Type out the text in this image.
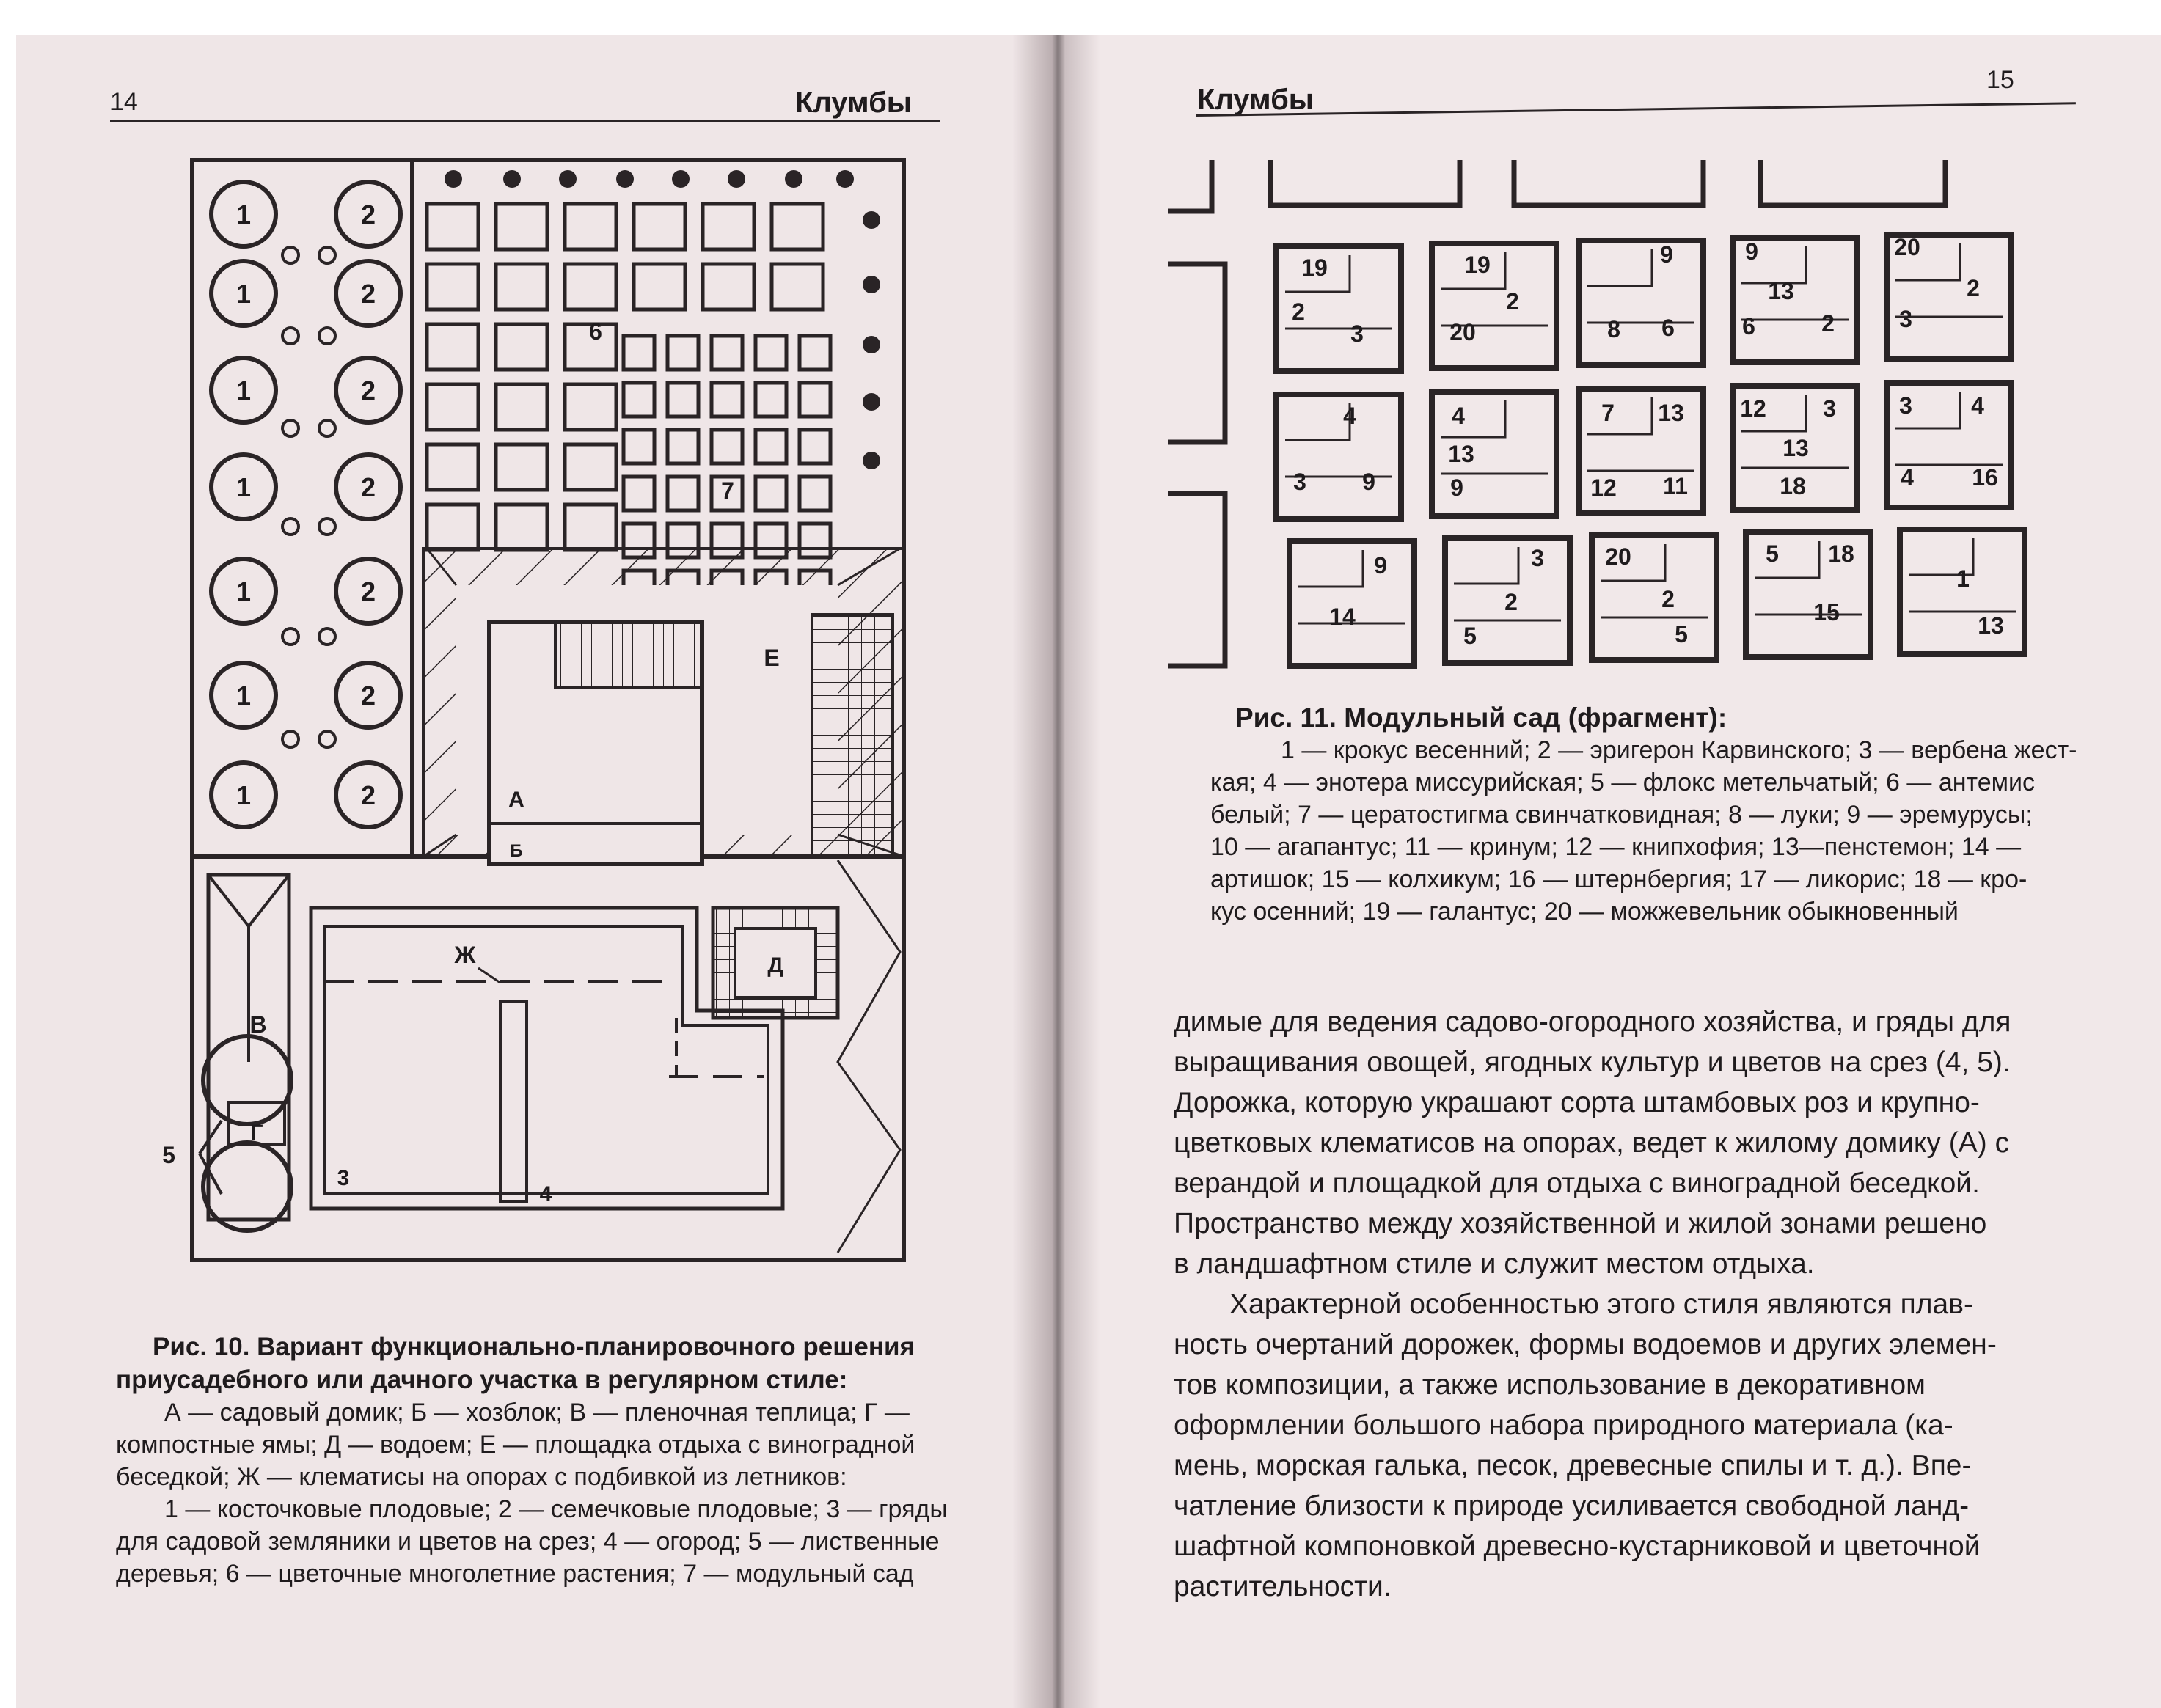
14	Клумбы
1	2
1	2
1	2
1	2
1	2
1	2
1	2
6
7
Е
А
Б
В
Г
5
Ж
3
4
Д
Рис. 10. Вариант функционально-планировочного решения
приусадебного или дачного участка в регулярном стиле:
А — садовый домик; Б — хозблок; В — пленочная теплица; Г —
компостные ямы; Д — водоем; Е — площадка отдыха с виноградной
беседкой; Ж — клематисы на опорах с подбивкой из летников:
1 — косточковые плодовые; 2 — семечковые плодовые; 3 — гряды
для садовой земляники и цветов на срез; 4 — огород; 5 — лиственные
деревья; 6 — цветочные многолетние растения; 7 — модульный сад
Клумбы
15
19
2
3
19
2
20
9
8 6
9
13
6	2
20
2
3
4
3 9
4
13
9
7 13
12 11
12 3
13
18
3	4
4 16
9
14
3
2
5
20
2
5
5 18
15
1
13
Рис. 11. Модульный сад (фрагмент):
1 — крокус весенний; 2 — эригерон Карвинского; 3 — вербена жест-
кая; 4 — энотера миссурийская; 5 — флокс метельчатый; 6 — антемис
белый; 7 — цератостигма свинчатковидная; 8 — луки; 9 — эремурусы;
10 — агапантус; 11 — кринум; 12 — книпхофия; 13—пенстемон; 14 —
артишок; 15 — колхикум; 16 — штернбергия; 17 — ликорис; 18 — кро-
кус осенний; 19 — галантус; 20 — можжевельник обыкновенный
димые для ведения садово-огородного хозяйства, и гряды для
выращивания овощей, ягодных культур и цветов на срез (4, 5).
Дорожка, которую украшают сорта штамбовых роз и крупно-
цветковых клематисов на опорах, ведет к жилому домику (А) с
верандой и площадкой для отдыха с виноградной беседкой.
Пространство между хозяйственной и жилой зонами решено
в ландшафтном стиле и служит местом отдыха.
Характерной особенностью этого стиля являются плав-
ность очертаний дорожек, формы водоемов и других элемен-
тов композиции, а также использование в декоративном
оформлении большого набора природного материала (ка-
мень, морская галька, песок, древесные спилы и т. д.). Впе-
чатление близости к природе усиливается свободной ланд-
шафтной компоновкой древесно-кустарниковой и цветочной
растительности.
